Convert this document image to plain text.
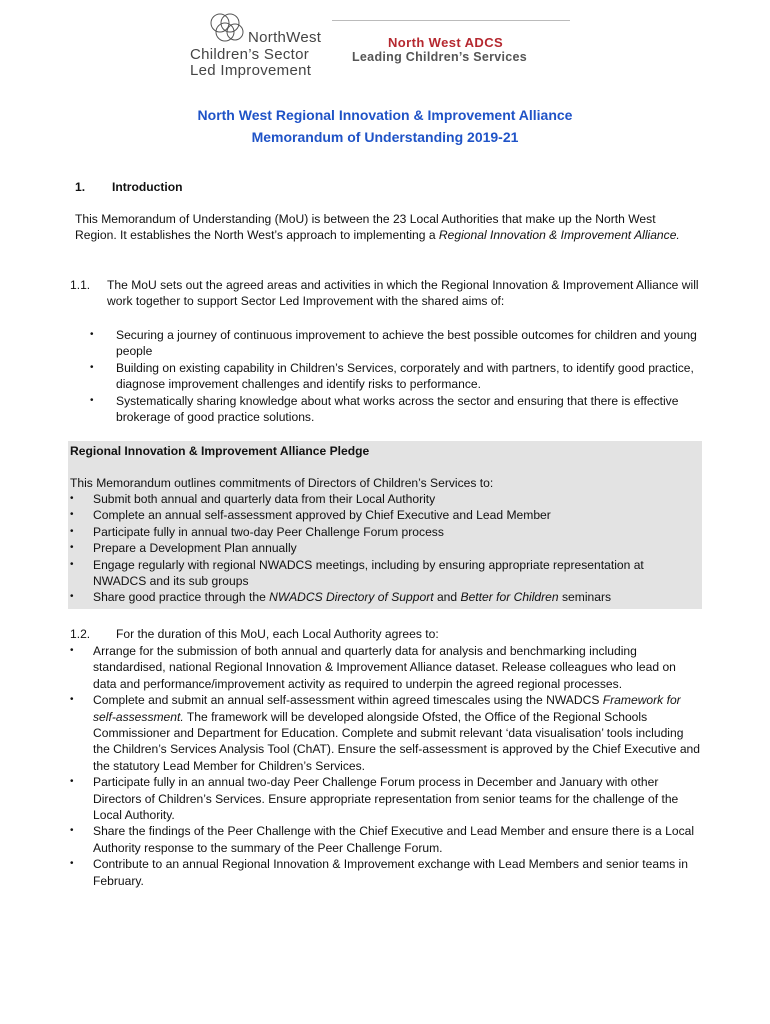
NorthWest
Children’s Sector
Led Improvement
North West ADCS
Leading Children’s Services
North West Regional Innovation & Improvement Alliance
Memorandum of Understanding 2019-21
1. Introduction
This Memorandum of Understanding (MoU) is between the 23 Local Authorities that make up the North West Region. It establishes the North West’s approach to implementing a Regional Innovation & Improvement Alliance.
1.1. The MoU sets out the agreed areas and activities in which the Regional Innovation & Improvement Alliance will work together to support Sector Led Improvement with the shared aims of:
• Securing a journey of continuous improvement to achieve the best possible outcomes for children and young people
• Building on existing capability in Children’s Services, corporately and with partners, to identify good practice, diagnose improvement challenges and identify risks to performance.
• Systematically sharing knowledge about what works across the sector and ensuring that there is effective brokerage of good practice solutions.
Regional Innovation & Improvement Alliance Pledge
This Memorandum outlines commitments of Directors of Children’s Services to:
• Submit both annual and quarterly data from their Local Authority
• Complete an annual self-assessment approved by Chief Executive and Lead Member
• Participate fully in annual two-day Peer Challenge Forum process
• Prepare a Development Plan annually
• Engage regularly with regional NWADCS meetings, including by ensuring appropriate representation at NWADCS and its sub groups
• Share good practice through the NWADCS Directory of Support and Better for Children seminars
1.2. For the duration of this MoU, each Local Authority agrees to:
• Arrange for the submission of both annual and quarterly data for analysis and benchmarking including standardised, national Regional Innovation & Improvement Alliance dataset. Release colleagues who lead on data and performance/improvement activity as required to underpin the agreed regional processes.
• Complete and submit an annual self-assessment within agreed timescales using the NWADCS Framework for self-assessment. The framework will be developed alongside Ofsted, the Office of the Regional Schools Commissioner and Department for Education. Complete and submit relevant ‘data visualisation’ tools including the Children’s Services Analysis Tool (ChAT). Ensure the self-assessment is approved by the Chief Executive and the statutory Lead Member for Children’s Services.
• Participate fully in an annual two-day Peer Challenge Forum process in December and January with other Directors of Children’s Services. Ensure appropriate representation from senior teams for the challenge of the Local Authority.
• Share the findings of the Peer Challenge with the Chief Executive and Lead Member and ensure there is a Local Authority response to the summary of the Peer Challenge Forum.
• Contribute to an annual Regional Innovation & Improvement exchange with Lead Members and senior teams in February.
